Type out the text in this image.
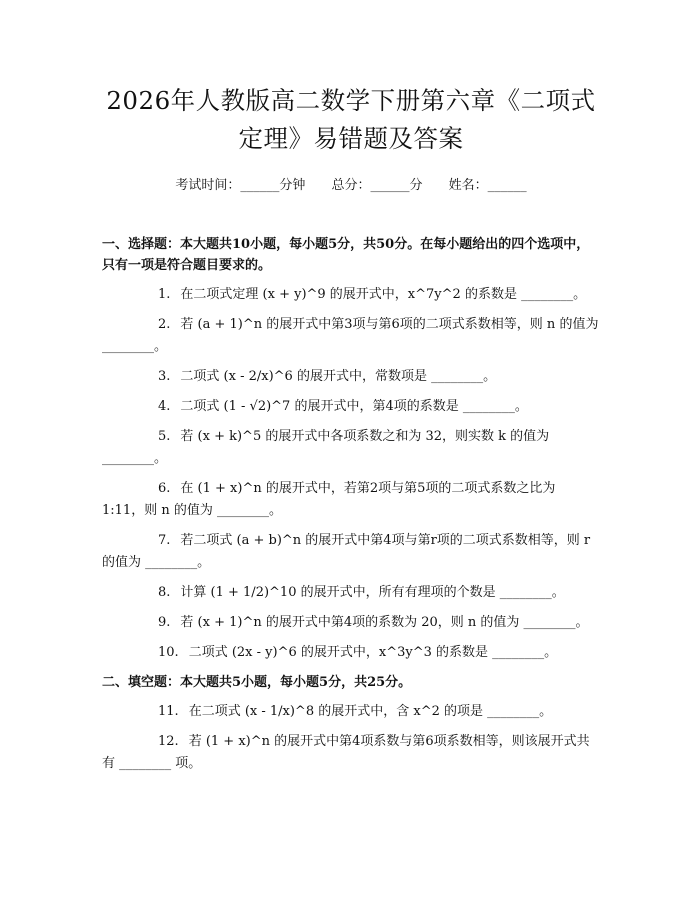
2026年人教版高二数学下册第六章《二项式定理》易错题及答案
考试时间：______分钟 总分：______分 姓名：______
一、选择题：本大题共10小题，每小题5分，共50分。在每小题给出的四个选项中，只有一项是符合题目要求的。

1. 在二项式定理 (x + y)^9 的展开式中，x^7y^2 的系数是 ________。

2. 若 (a + 1)^n 的展开式中第3项与第6项的二项式系数相等，则 n 的值为 ________。

3. 二项式 (x - 2/x)^6 的展开式中，常数项是 ________。

4. 二项式 (1 - √2)^7 的展开式中，第4项的系数是 ________。

5. 若 (x + k)^5 的展开式中各项系数之和为 32，则实数 k 的值为 ________。

6. 在 (1 + x)^n 的展开式中，若第2项与第5项的二项式系数之比为 1:11，则 n 的值为 ________。

7. 若二项式 (a + b)^n 的展开式中第4项与第r项的二项式系数相等，则 r 的值为 ________。

8. 计算 (1 + 1/2)^10 的展开式中，所有有理项的个数是 ________。

9. 若 (x + 1)^n 的展开式中第4项的系数为 20，则 n 的值为 ________。

10. 二项式 (2x - y)^6 的展开式中，x^3y^3 的系数是 ________。

二、填空题：本大题共5小题，每小题5分，共25分。

11. 在二项式 (x - 1/x)^8 的展开式中，含 x^2 的项是 ________。

12. 若 (1 + x)^n 的展开式中第4项系数与第6项系数相等，则该展开式共有 ________ 项。
